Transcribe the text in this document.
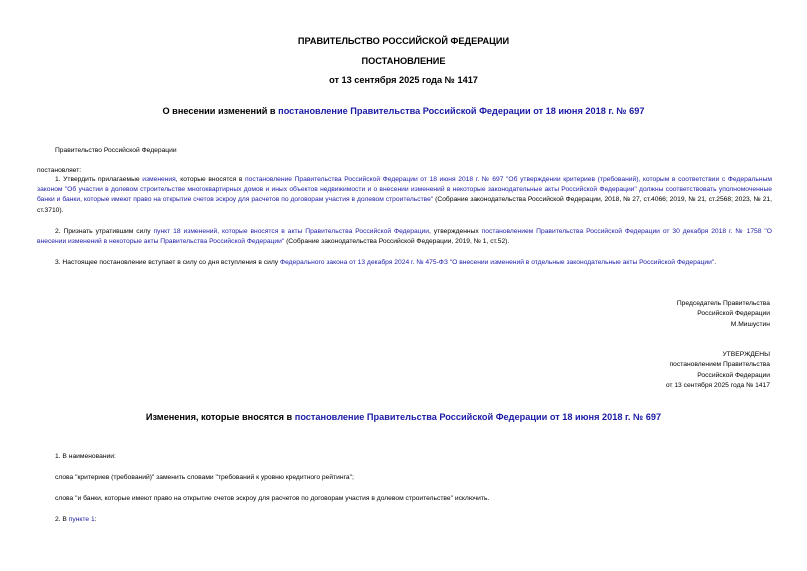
ПРАВИТЕЛЬСТВО РОССИЙСКОЙ ФЕДЕРАЦИИ
ПОСТАНОВЛЕНИЕ
от 13 сентября 2025 года № 1417
О внесении изменений в постановление Правительства Российской Федерации от 18 июня 2018 г. № 697
Правительство Российской Федерации
постановляет:
1. Утвердить прилагаемые изменения, которые вносятся в постановление Правительства Российской Федерации от 18 июня 2018 г. № 697 "Об утверждении критериев (требований), которым в соответствии с Федеральным законом "Об участии в долевом строительстве многоквартирных домов и иных объектов недвижимости и о внесении изменений в некоторые законодательные акты Российской Федерации" должны соответствовать уполномоченные банки и банки, которые имеют право на открытие счетов эскроу для расчетов по договорам участия в долевом строительстве" (Собрание законодательства Российской Федерации, 2018, № 27, ст.4066; 2019, № 21, ст.2568; 2023, № 21, ст.3710).
2. Признать утратившим силу пункт 18 изменений, которые вносятся в акты Правительства Российской Федерации, утвержденных постановлением Правительства Российской Федерации от 30 декабря 2018 г. № 1758 "О внесении изменений в некоторые акты Правительства Российской Федерации" (Собрание законодательства Российской Федерации, 2019, № 1, ст.52).
3. Настоящее постановление вступает в силу со дня вступления в силу Федерального закона от 13 декабря 2024 г. № 475-ФЗ "О внесении изменений в отдельные законодательные акты Российской Федерации".
Председатель Правительства
Российской Федерации
М.Мишустин
УТВЕРЖДЕНЫ
постановлением Правительства
Российской Федерации
от 13 сентября 2025 года № 1417
Изменения, которые вносятся в постановление Правительства Российской Федерации от 18 июня 2018 г. № 697
1. В наименовании:
слова "критериев (требований)" заменить словами "требований к уровню кредитного рейтинга";
слова "и банки, которые имеют право на открытие счетов эскроу для расчетов по договорам участия в долевом строительстве" исключить.
2. В пункте 1:
